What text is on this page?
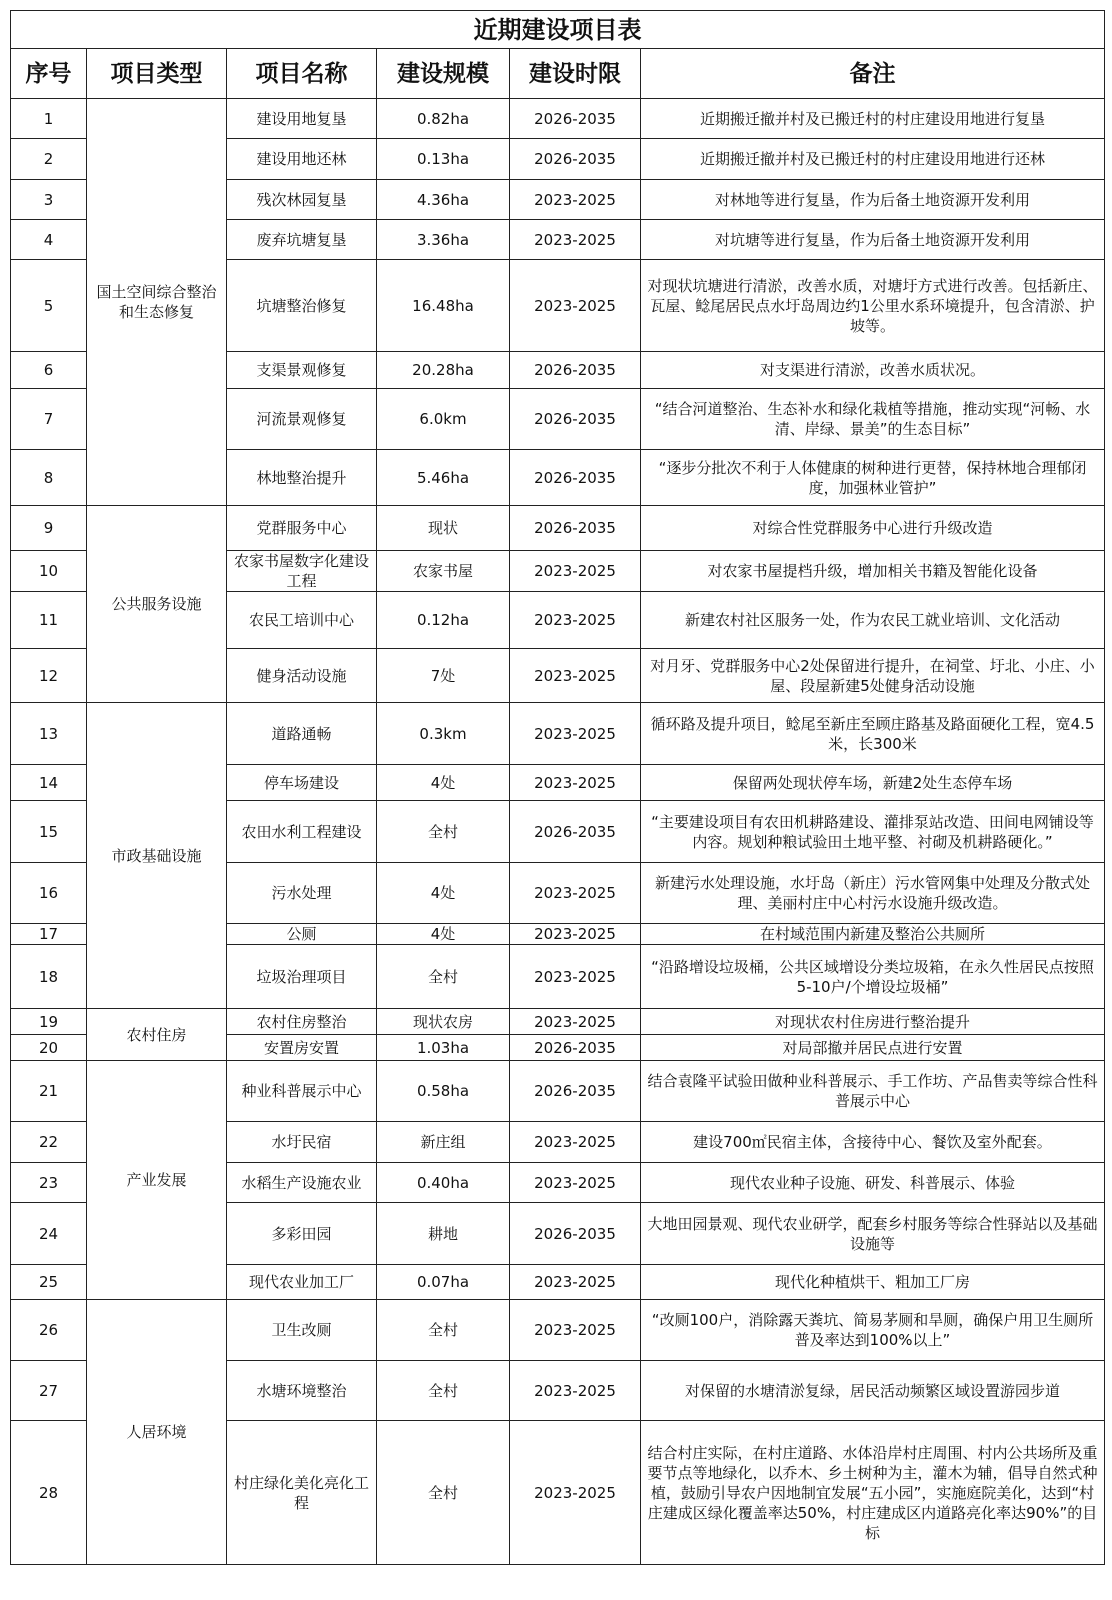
近期建设项目表					
序号	项目类型	项目名称	建设规模	建设时限	备注
1	国土空间综合整治和生态修复	建设用地复垦	0.82ha	2026-2035	近期搬迁撤并村及已搬迁村的村庄建设用地进行复垦
2		建设用地还林	0.13ha	2026-2035	近期搬迁撤并村及已搬迁村的村庄建设用地进行还林
3		残次林园复垦	4.36ha	2023-2025	对林地等进行复垦，作为后备土地资源开发利用
4		废弃坑塘复垦	3.36ha	2023-2025	对坑塘等进行复垦，作为后备土地资源开发利用
5		坑塘整治修复	16.48ha	2023-2025	对现状坑塘进行清淤，改善水质，对塘圩方式进行改善。包括新庄、瓦屋、鲶尾居民点水圩岛周边约1公里水系环境提升，包含清淤、护坡等。
6		支渠景观修复	20.28ha	2026-2035	对支渠进行清淤，改善水质状况。
7		河流景观修复	6.0km	2026-2035	“结合河道整治、生态补水和绿化栽植等措施，推动实现“河畅、水清、岸绿、景美”的生态目标”
8		林地整治提升	5.46ha	2026-2035	“逐步分批次不利于人体健康的树种进行更替，保持林地合理郁闭度，加强林业管护”
9	公共服务设施	党群服务中心	现状	2026-2035	对综合性党群服务中心进行升级改造
10		农家书屋数字化建设工程	农家书屋	2023-2025	对农家书屋提档升级，增加相关书籍及智能化设备
11		农民工培训中心	0.12ha	2023-2025	新建农村社区服务一处，作为农民工就业培训、文化活动
12		健身活动设施	7处	2023-2025	对月牙、党群服务中心2处保留进行提升，在祠堂、圩北、小庄、小屋、段屋新建5处健身活动设施
13	市政基础设施	道路通畅	0.3km	2023-2025	循环路及提升项目，鲶尾至新庄至顾庄路基及路面硬化工程，宽4.5米，长300米
14		停车场建设	4处	2023-2025	保留两处现状停车场，新建2处生态停车场
15		农田水利工程建设	全村	2026-2035	“主要建设项目有农田机耕路建设、灌排泵站改造、田间电网铺设等内容。规划种粮试验田土地平整、衬砌及机耕路硬化。”
16		污水处理	4处	2023-2025	新建污水处理设施，水圩岛（新庄）污水管网集中处理及分散式处理、美丽村庄中心村污水设施升级改造。
17		公厕	4处	2023-2025	在村域范围内新建及整治公共厕所
18		垃圾治理项目	全村	2023-2025	“沿路增设垃圾桶，公共区域增设分类垃圾箱，在永久性居民点按照5-10户/个增设垃圾桶”
19	农村住房	农村住房整治	现状农房	2023-2025	对现状农村住房进行整治提升
20		安置房安置	1.03ha	2026-2035	对局部撤并居民点进行安置
21	产业发展	种业科普展示中心	0.58ha	2026-2035	结合袁隆平试验田做种业科普展示、手工作坊、产品售卖等综合性科普展示中心
22		水圩民宿	新庄组	2023-2025	建设700㎡民宿主体，含接待中心、餐饮及室外配套。
23		水稻生产设施农业	0.40ha	2023-2025	现代农业种子设施、研发、科普展示、体验
24		多彩田园	耕地	2026-2035	大地田园景观、现代农业研学，配套乡村服务等综合性驿站以及基础设施等
25		现代农业加工厂	0.07ha	2023-2025	现代化种植烘干、粗加工厂房
26	人居环境	卫生改厕	全村	2023-2025	“改厕100户，消除露天粪坑、简易茅厕和旱厕，确保户用卫生厕所普及率达到100%以上”
27		水塘环境整治	全村	2023-2025	对保留的水塘清淤复绿，居民活动频繁区域设置游园步道
28		村庄绿化美化亮化工程	全村	2023-2025	结合村庄实际，在村庄道路、水体沿岸村庄周围、村内公共场所及重要节点等地绿化，以乔木、乡土树种为主，灌木为辅，倡导自然式种植，鼓励引导农户因地制宜发展“五小园”，实施庭院美化，达到“村庄建成区绿化覆盖率达50%，村庄建成区内道路亮化率达90%”的目标
